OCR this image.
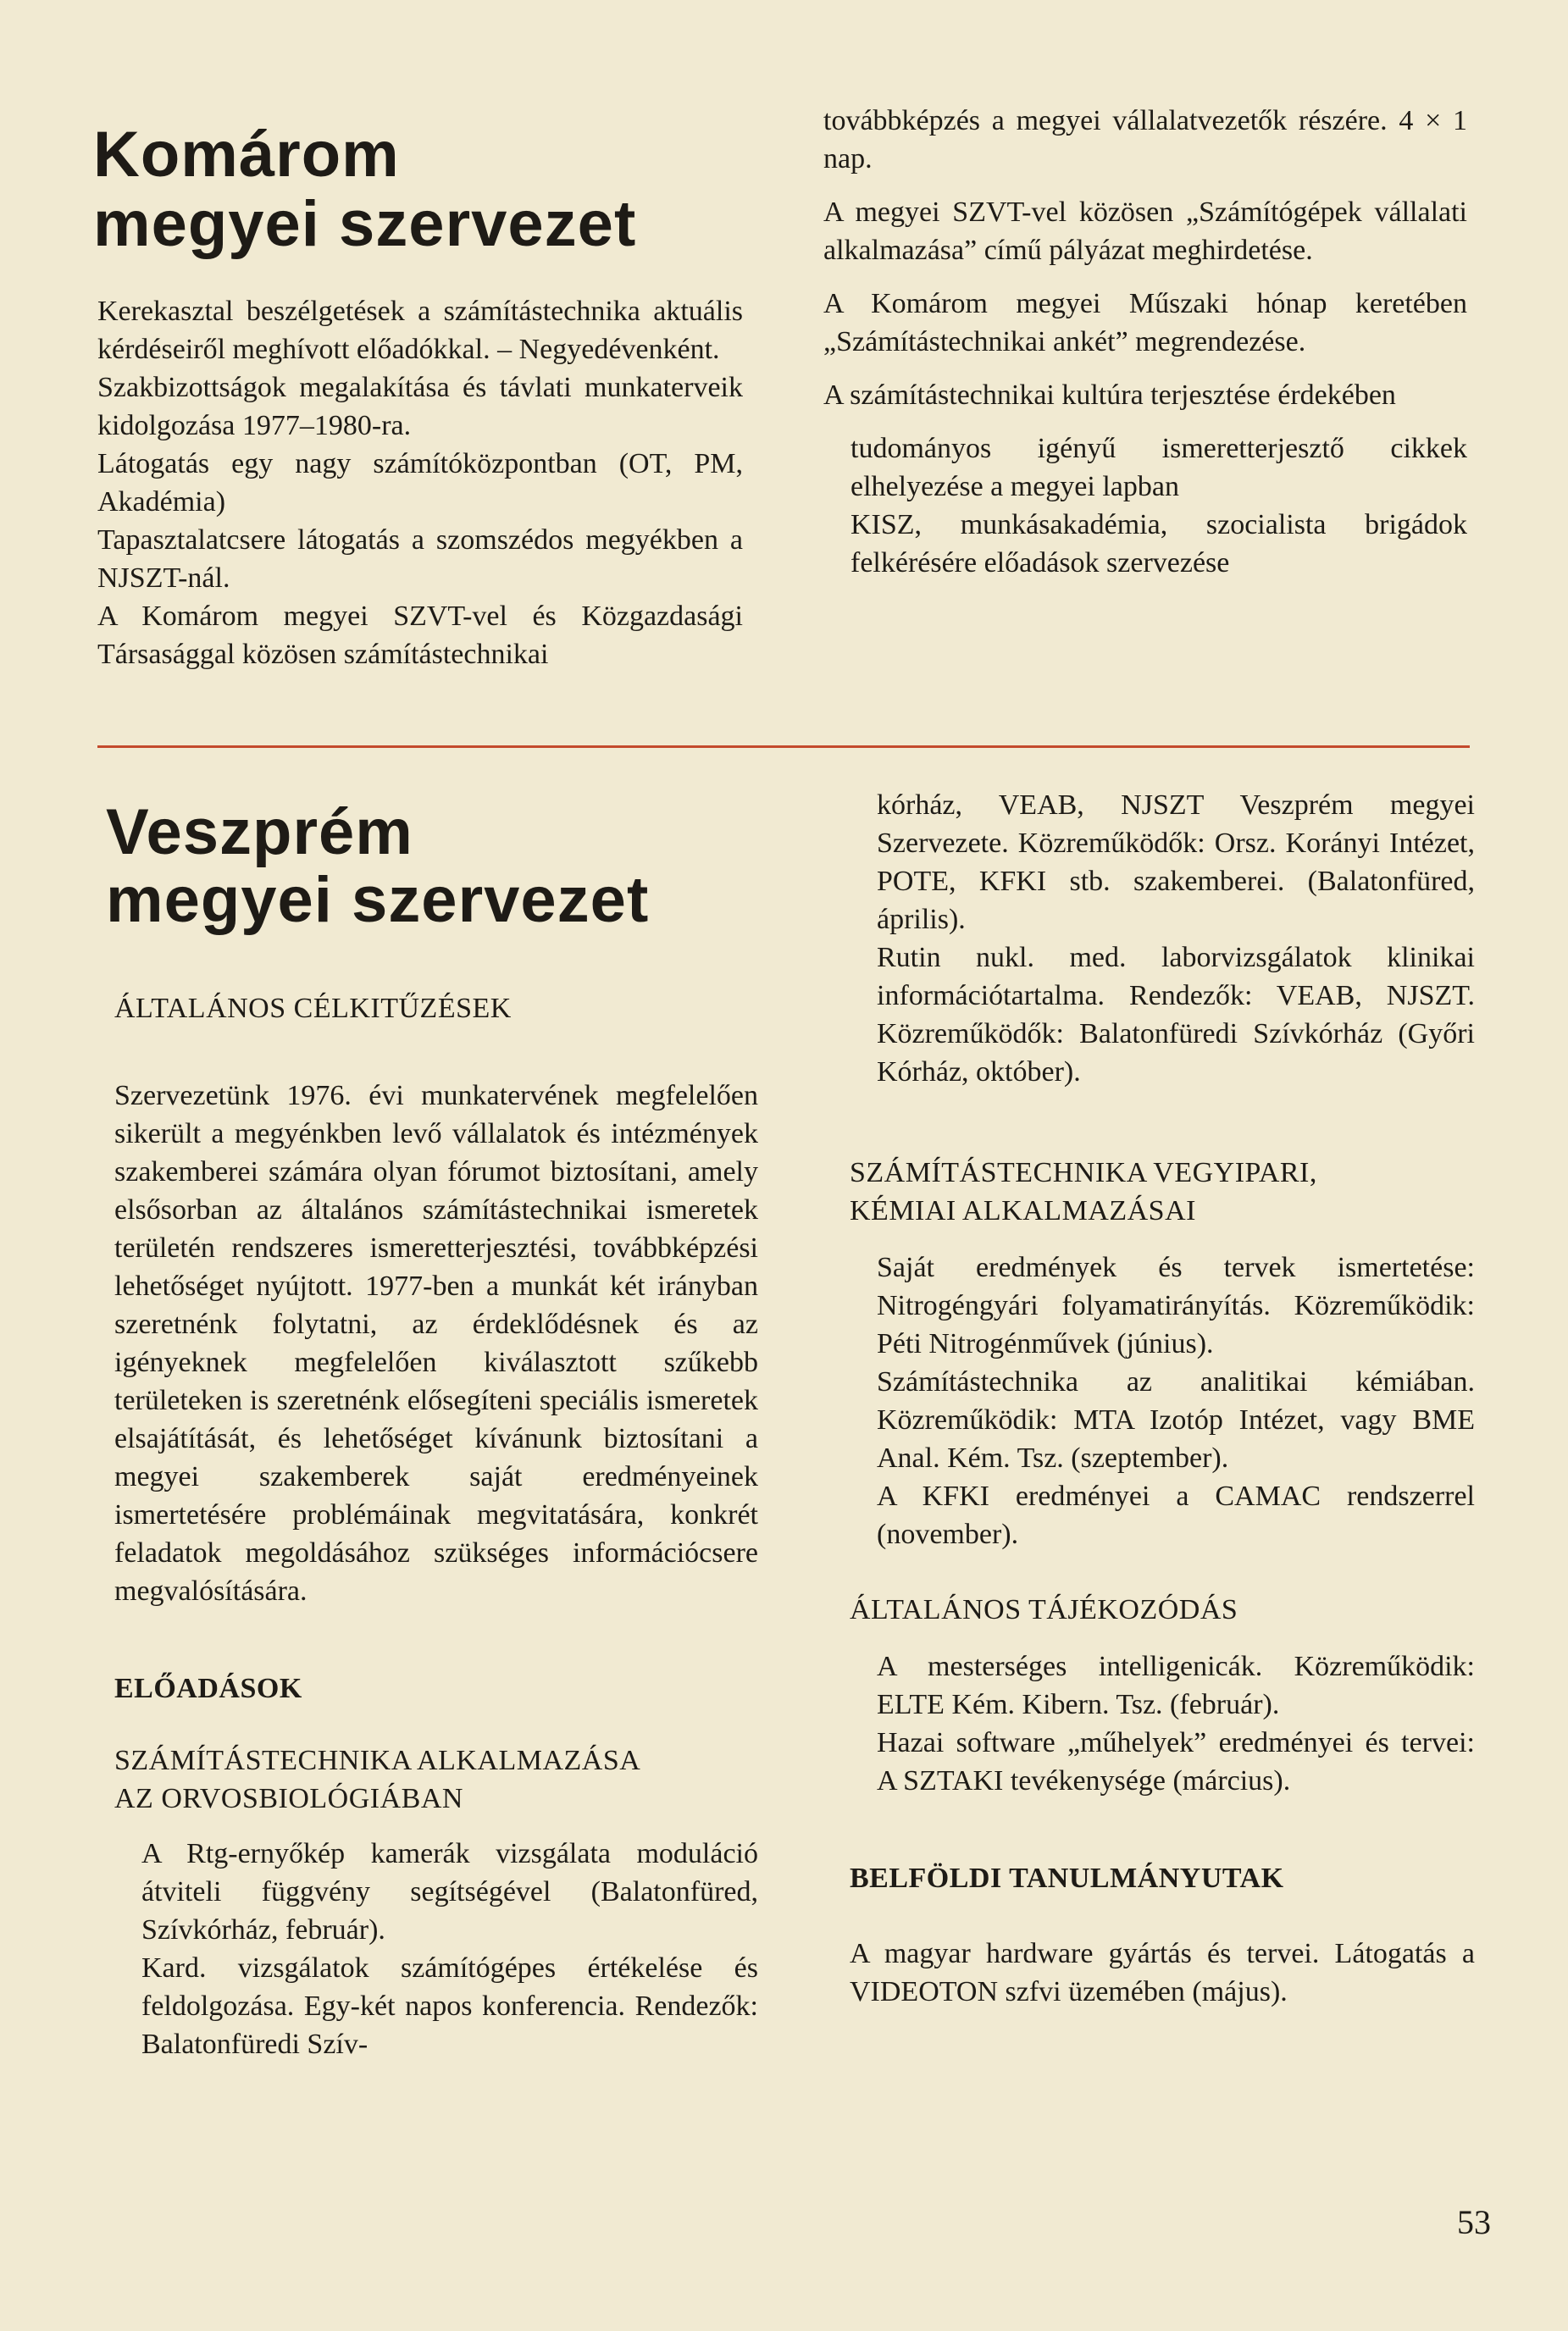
Komárom
megyei szervezet

Kerekasztal beszélgetések a számítástechnika aktuális kérdéseiről meghívott előadókkal. – Negyedévenként.

Szakbizottságok megalakítása és távlati munkaterveik kidolgozása 1977–1980-ra.

Látogatás egy nagy számítóközpontban (OT, PM, Akadémia)

Tapasztalatcsere látogatás a szomszédos megyékben a NJSZT-nál.

A Komárom megyei SZVT-vel és Közgazdasági Társasággal közösen számítástechnikai

továbbképzés a megyei vállalatvezetők részére. 4 × 1 nap.

A megyei SZVT-vel közösen „Számítógépek vállalati alkalmazása” című pályázat meghirdetése.

A Komárom megyei Műszaki hónap keretében „Számítástechnikai ankét” megrendezése.

A számítástechnikai kultúra terjesztése érdekében

tudományos igényű ismeretterjesztő cikkek elhelyezése a megyei lapban

KISZ, munkásakadémia, szocialista brigádok felkérésére előadások szervezése

Veszprém
megyei szervezet

ÁLTALÁNOS CÉLKITŰZÉSEK

Szervezetünk 1976. évi munkatervének megfelelően sikerült a megyénkben levő vállalatok és intézmények szakemberei számára olyan fórumot biztosítani, amely elsősorban az általános számítástechnikai ismeretek területén rendszeres ismeretterjesztési, továbbképzési lehetőséget nyújtott. 1977-ben a munkát két irányban szeretnénk folytatni, az érdeklődésnek és az igényeknek megfelelően kiválasztott szűkebb területeken is szeretnénk elősegíteni speciális ismeretek elsajátítását, és lehetőséget kívánunk biztosítani a megyei szakemberek saját eredményeinek ismertetésére problémáinak megvitatására, konkrét feladatok megoldásához szükséges információcsere megvalósítására.

ELŐADÁSOK

SZÁMÍTÁSTECHNIKA ALKALMAZÁSA

AZ ORVOSBIOLÓGIÁBAN

A Rtg-ernyőkép kamerák vizsgálata moduláció átviteli függvény segítségével (Balatonfüred, Szívkórház, február).

Kard. vizsgálatok számítógépes értékelése és feldolgozása. Egy-két napos konferencia. Rendezők: Balatonfüredi Szív-

kórház, VEAB, NJSZT Veszprém megyei Szervezete. Közreműködők: Orsz. Korányi Intézet, POTE, KFKI stb. szakemberei. (Balatonfüred, április).

Rutin nukl. med. laborvizsgálatok klinikai információtartalma. Rendezők: VEAB, NJSZT. Közreműködők: Balatonfüredi Szívkórház (Győri Kórház, október).

SZÁMÍTÁSTECHNIKA VEGYIPARI,

KÉMIAI ALKALMAZÁSAI

Saját eredmények és tervek ismertetése: Nitrogéngyári folyamatirányítás. Közreműködik: Péti Nitrogénművek (június).

Számítástechnika az analitikai kémiában. Közreműködik: MTA Izotóp Intézet, vagy BME Anal. Kém. Tsz. (szeptember).

A KFKI eredményei a CAMAC rendszerrel (november).

ÁLTALÁNOS TÁJÉKOZÓDÁS

A mesterséges intelligenicák. Közreműködik: ELTE Kém. Kibern. Tsz. (február).

Hazai software „műhelyek” eredményei és tervei: A SZTAKI tevékenysége (március).

BELFÖLDI TANULMÁNYUTAK

A magyar hardware gyártás és tervei. Látogatás a VIDEOTON szfvi üzemében (május).

53
